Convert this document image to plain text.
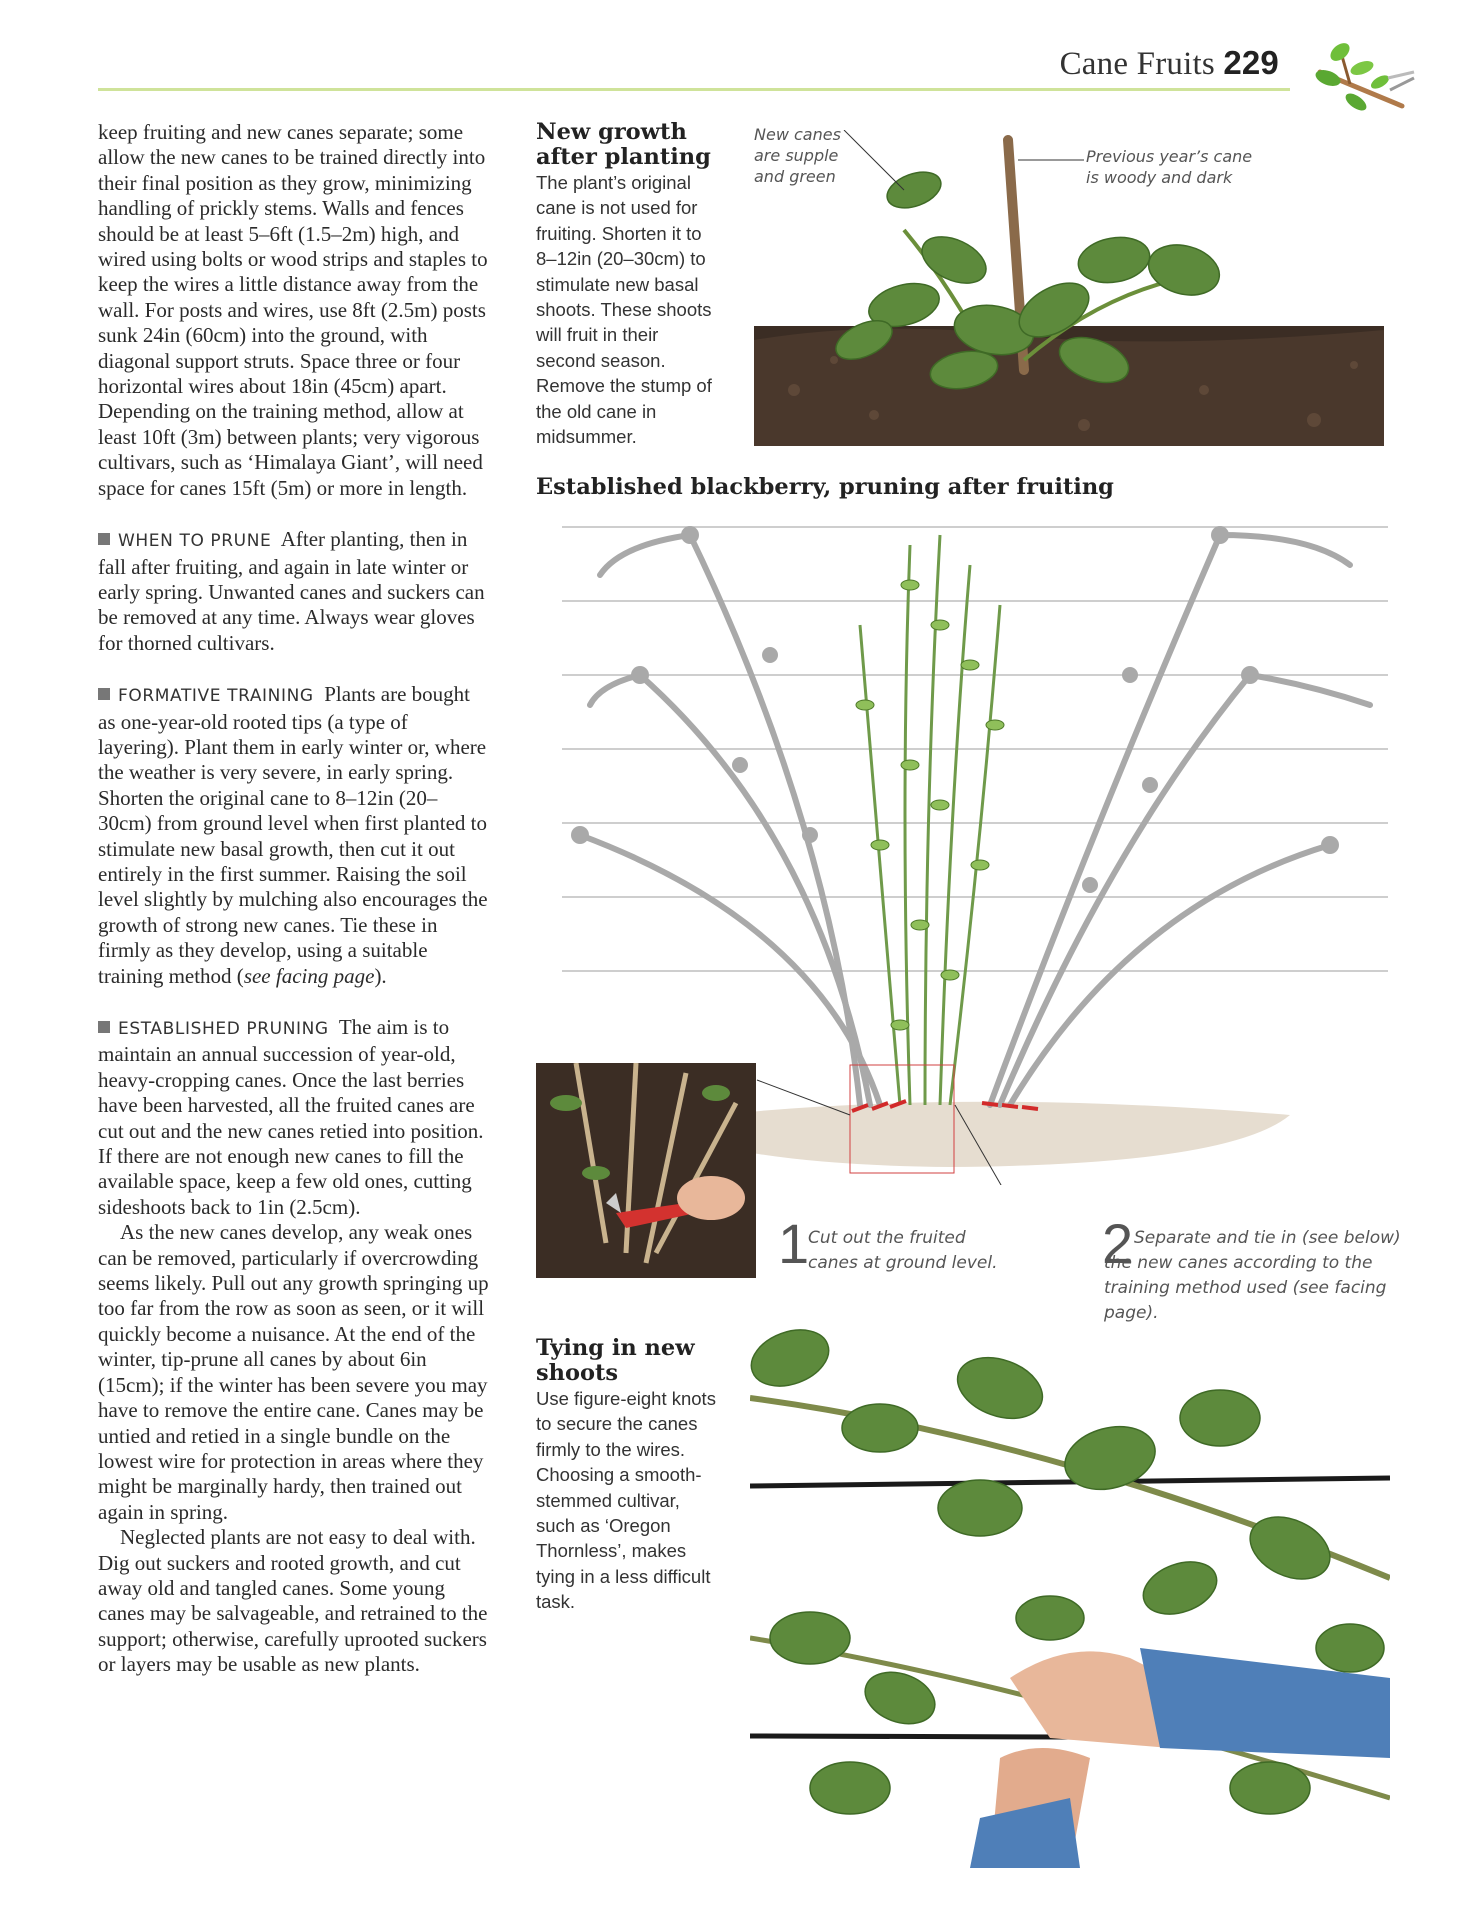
Cane Fruits 229

keep fruiting and new canes separate; some allow the new canes to be trained directly into their final position as they grow, minimizing handling of prickly stems. Walls and fences should be at least 5–6ft (1.5–2m) high, and wired using bolts or wood strips and staples to keep the wires a little distance away from the wall. For posts and wires, use 8ft (2.5m) posts sunk 24in (60cm) into the ground, with diagonal support struts. Space three or four horizontal wires about 18in (45cm) apart. Depending on the training method, allow at least 10ft (3m) between plants; very vigorous cultivars, such as ‘Himalaya Giant’, will need space for canes 15ft (5m) or more in length.

WHEN TO PRUNE After planting, then in fall after fruiting, and again in late winter or early spring. Unwanted canes and suckers can be removed at any time. Always wear gloves for thorned cultivars.

FORMATIVE TRAINING Plants are bought as one-year-old rooted tips (a type of layering). Plant them in early winter or, where the weather is very severe, in early spring. Shorten the original cane to 8–12in (20–30cm) from ground level when first planted to stimulate new basal growth, then cut it out entirely in the first summer. Raising the soil level slightly by mulching also encourages the growth of strong new canes. Tie these in firmly as they develop, using a suitable training method (see facing page).

ESTABLISHED PRUNING The aim is to maintain an annual succession of year-old, heavy-cropping canes. Once the last berries have been harvested, all the fruited canes are cut out and the new canes retied into position. If there are not enough new canes to fill the available space, keep a few old ones, cutting sideshoots back to 1in (2.5cm).

As the new canes develop, any weak ones can be removed, particularly if overcrowding seems likely. Pull out any growth springing up too far from the row as soon as seen, or it will quickly become a nuisance. At the end of the winter, tip-prune all canes by about 6in (15cm); if the winter has been severe you may have to remove the entire cane. Canes may be untied and retied in a single bundle on the lowest wire for protection in areas where they might be marginally hardy, then trained out again in spring.

Neglected plants are not easy to deal with. Dig out suckers and rooted growth, and cut away old and tangled canes. Some young canes may be salvageable, and retrained to the support; otherwise, carefully uprooted suckers or layers may be usable as new plants.

New growth after planting

The plant’s original cane is not used for fruiting. Shorten it to 8–12in (20–30cm) to stimulate new basal shoots. These shoots will fruit in their second season. Remove the stump of the old cane in midsummer.

New canes are supple and green
Previous year’s cane is woody and dark
Established blackberry, pruning after fruiting
1
Cut out the fruited canes at ground level.	2 Separate and tie in (see below) the new canes according to the training method used (see facing page).

Tying in new shoots

Use figure-eight knots to secure the canes firmly to the wires. Choosing a smooth-stemmed cultivar, such as ‘Oregon Thornless’, makes tying in a less difficult task.
